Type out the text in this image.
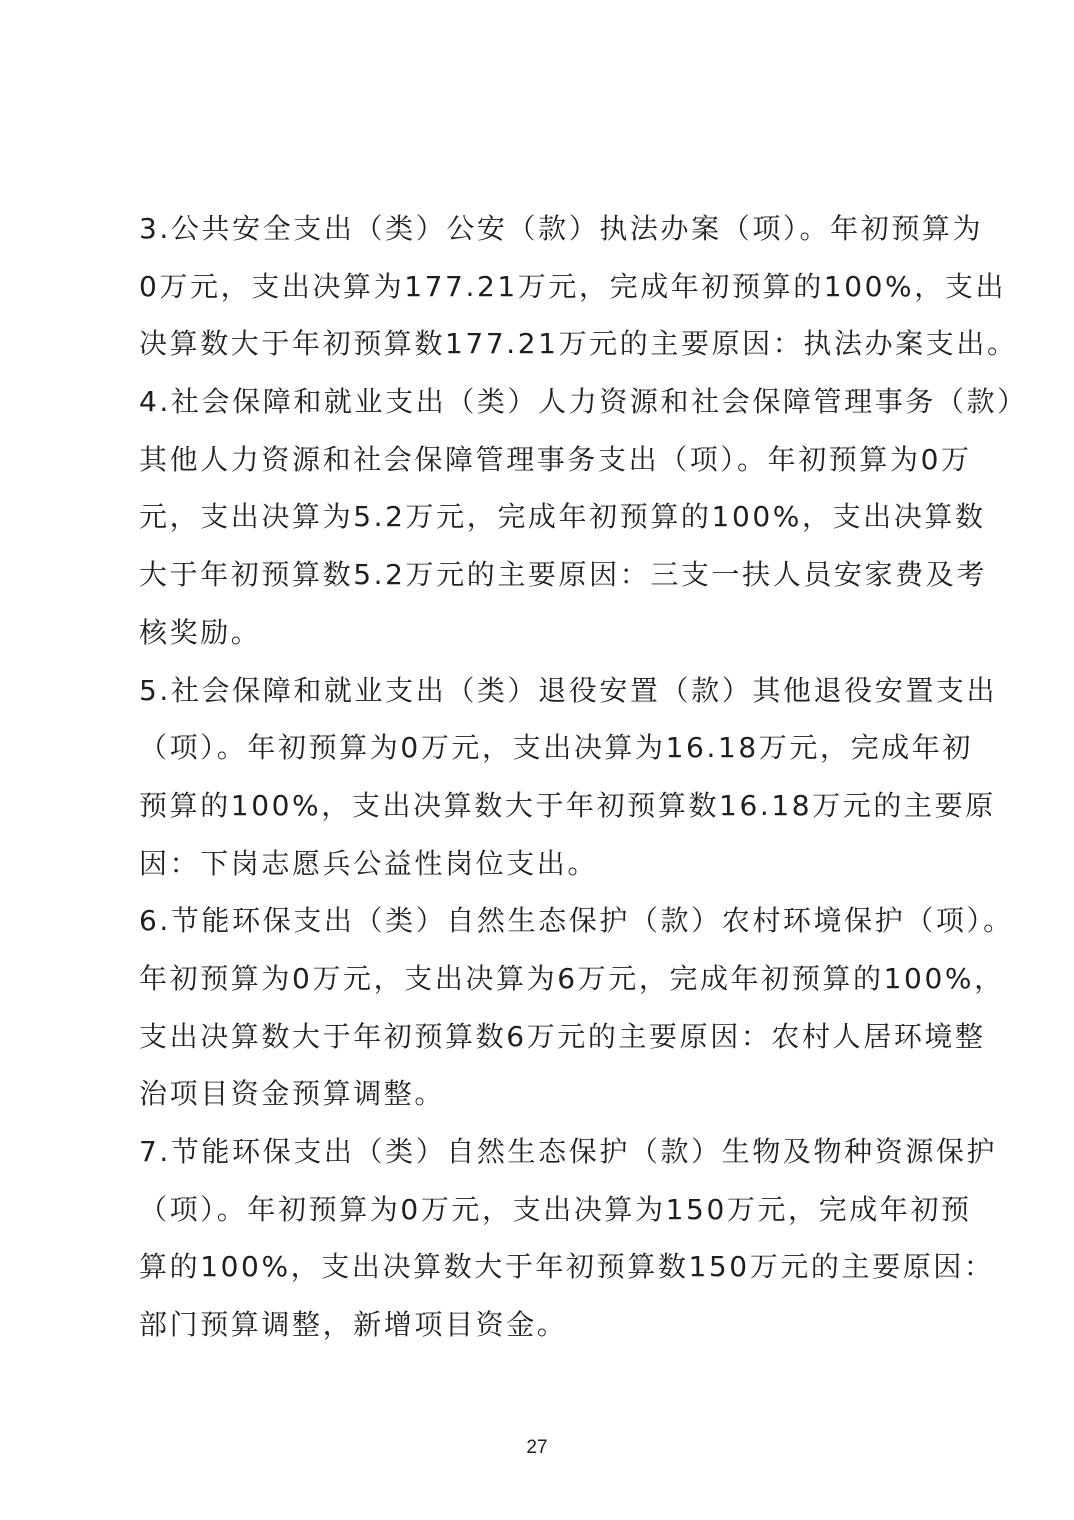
3.公共安全支出（类）公安（款）执法办案（项）。年初预算为
0万元，支出决算为177.21万元，完成年初预算的100%，支出
决算数大于年初预算数177.21万元的主要原因：执法办案支出。
4.社会保障和就业支出（类）人力资源和社会保障管理事务（款）
其他人力资源和社会保障管理事务支出（项）。年初预算为0万
元，支出决算为5.2万元，完成年初预算的100%，支出决算数
大于年初预算数5.2万元的主要原因：三支一扶人员安家费及考
核奖励。
5.社会保障和就业支出（类）退役安置（款）其他退役安置支出
（项）。年初预算为0万元，支出决算为16.18万元，完成年初
预算的100%，支出决算数大于年初预算数16.18万元的主要原
因：下岗志愿兵公益性岗位支出。
6.节能环保支出（类）自然生态保护（款）农村环境保护（项）。
年初预算为0万元，支出决算为6万元，完成年初预算的100%，
支出决算数大于年初预算数6万元的主要原因：农村人居环境整
治项目资金预算调整。
7.节能环保支出（类）自然生态保护（款）生物及物种资源保护
（项）。年初预算为0万元，支出决算为150万元，完成年初预
算的100%，支出决算数大于年初预算数150万元的主要原因：
部门预算调整，新增项目资金。
27
